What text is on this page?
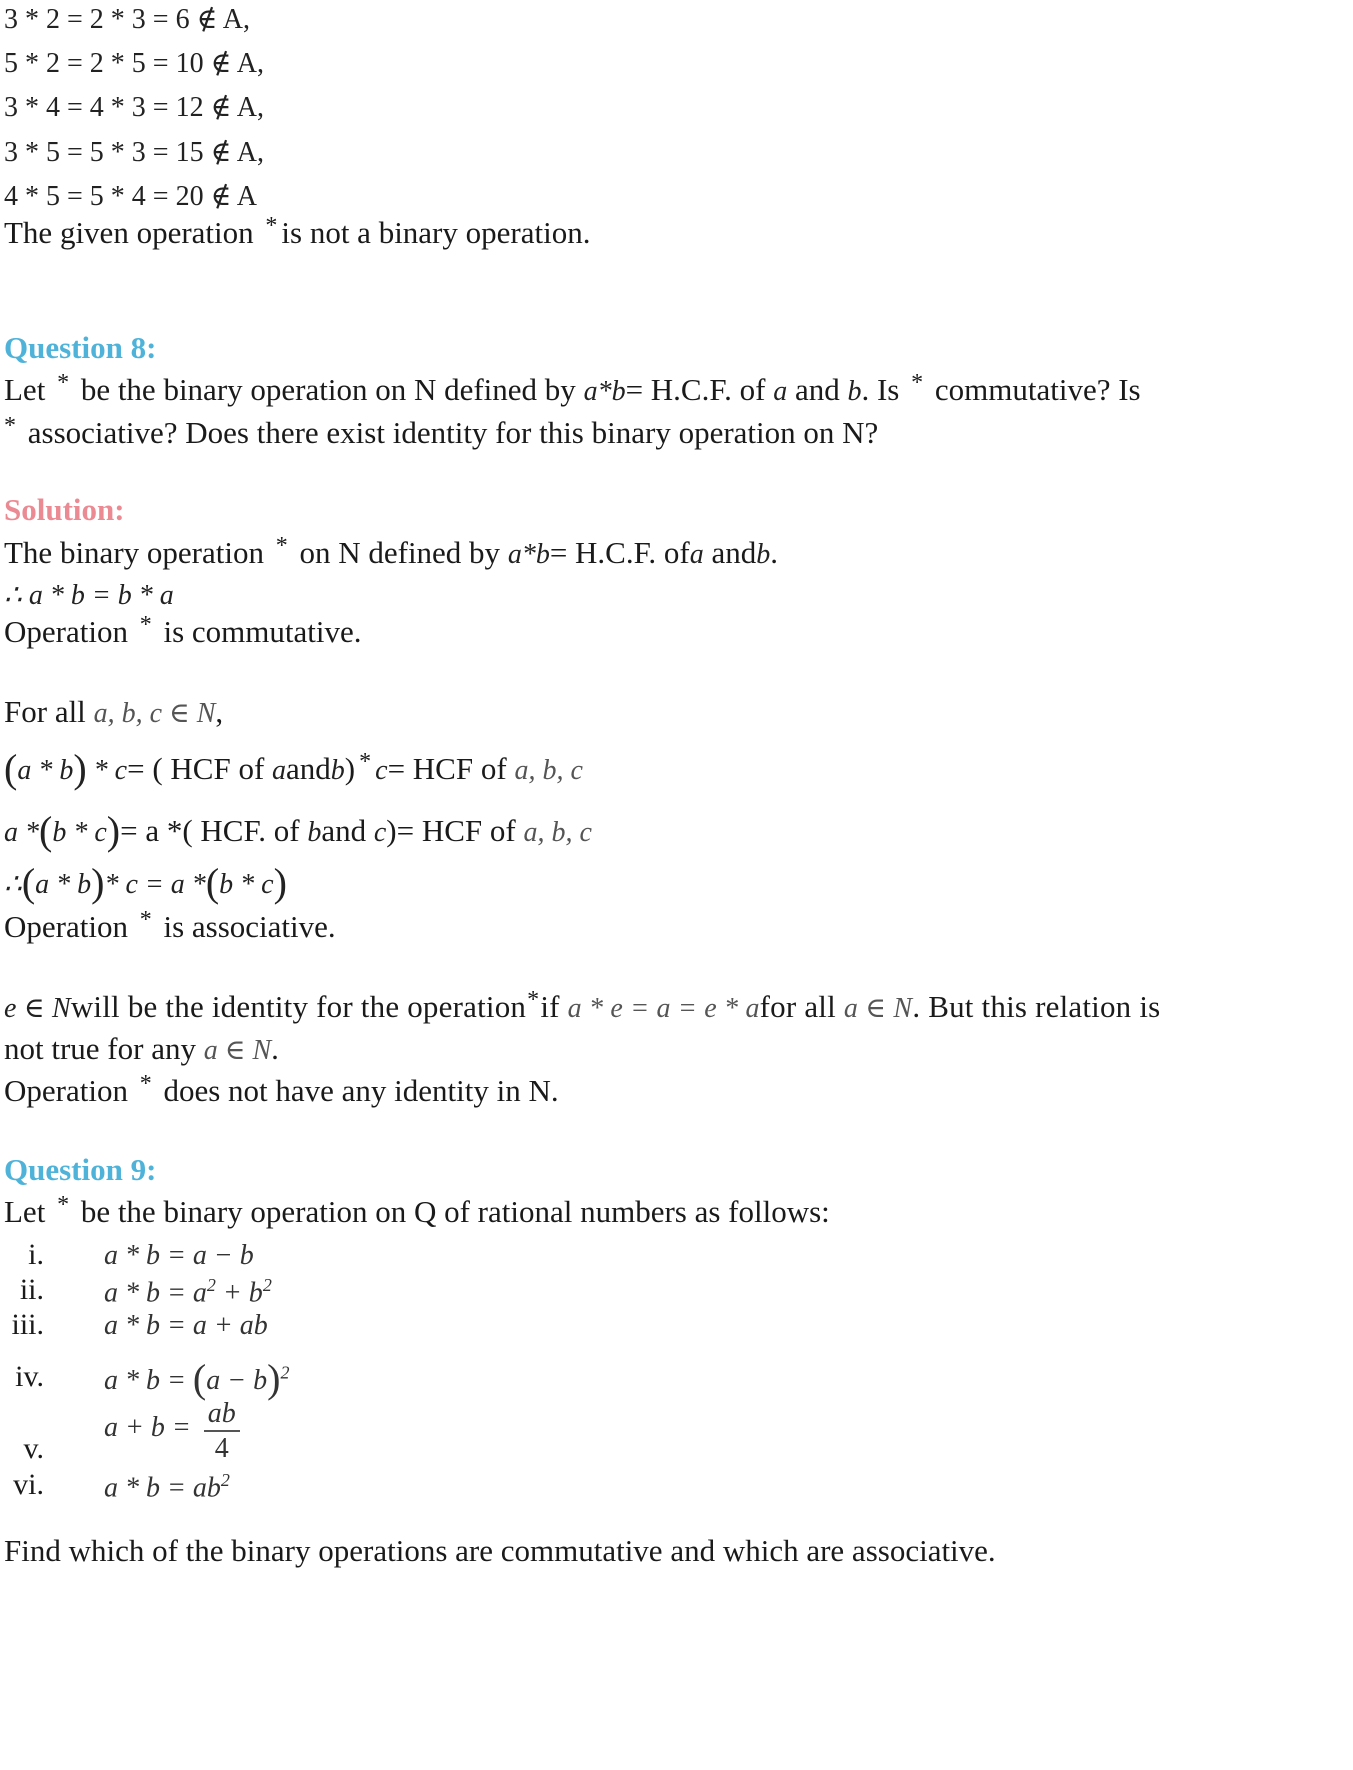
3 * 2 = 2 * 3 = 6 ∉ A,
5 * 2 = 2 * 5 = 10 ∉ A,
3 * 4 = 4 * 3 = 12 ∉ A,
3 * 5 = 5 * 3 = 15 ∉ A,
4 * 5 = 5 * 4 = 20 ∉ A
The given operation * is not a binary operation.
Question 8:
Let * be the binary operation on N defined by a*b= H.C.F. of a and b. Is * commutative? Is
* associative? Does there exist identity for this binary operation on N?
Solution:
The binary operation * on N defined by a*b= H.C.F. ofa andb.
∴ a * b = b * a
Operation * is commutative.
For all a, b, c ∈ N,
(a * b) * c= ( HCF of aandb) * c= HCF of a, b, c
a *(b * c)= a *( HCF. of band c)= HCF of a, b, c
∴(a * b)* c = a *(b * c)
Operation * is associative.
e ∈ Nwill be the identity for the operation*if a * e = a = e * afor all a ∈ N. But this relation is
not true for any a ∈ N.
Operation * does not have any identity in N.
Question 9:
Let * be the binary operation on Q of rational numbers as follows:
i. a * b = a − b
ii. $a * b = a^2 + b^2$
iii. a * b = a + ab
iv. $a * b = (a - b)^2$
v.
$a + b = \frac{ab}{4}$
vi. $a * b = ab^2$
Find which of the binary operations are commutative and which are associative.
